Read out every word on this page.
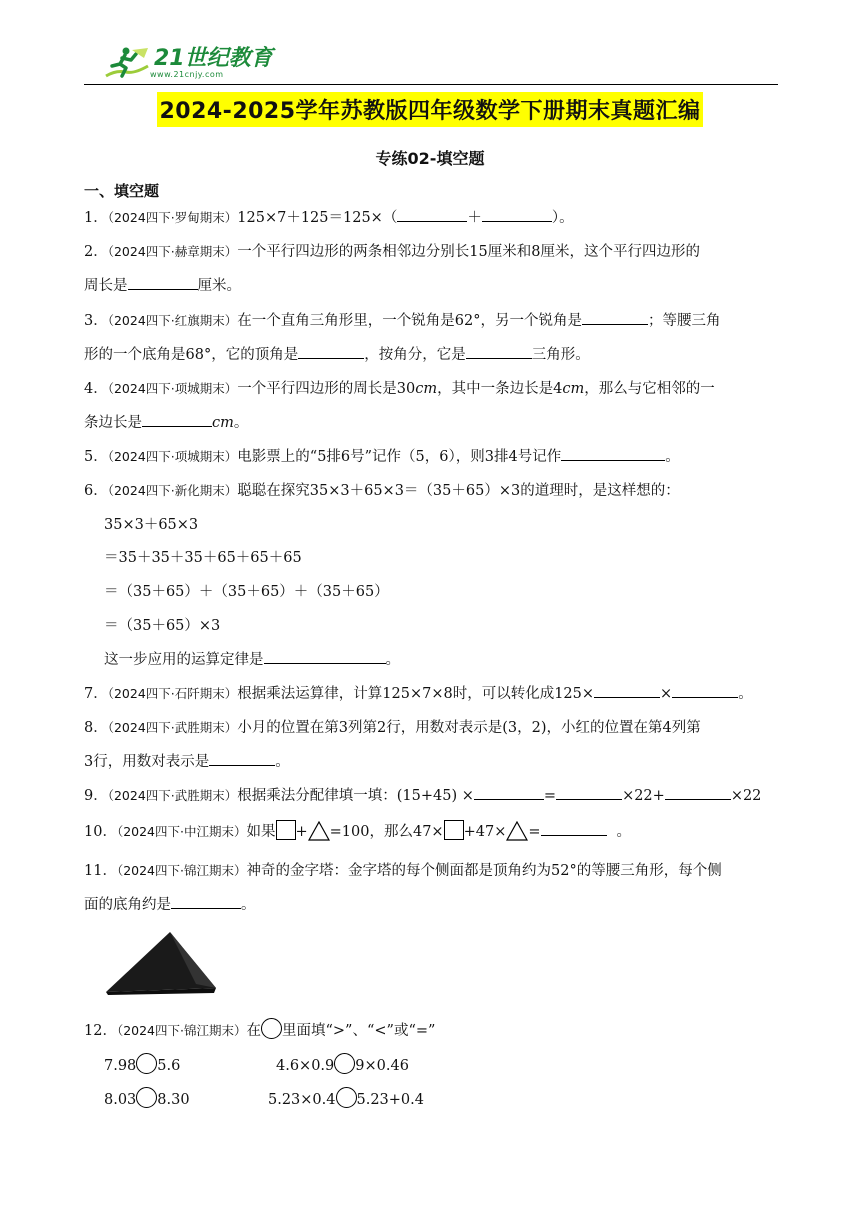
21世纪教育
www.21cnjy.com
2024-2025学年苏教版四年级数学下册期末真题汇编
专练02-填空题
一、填空题
1．（2024四下·罗甸期末）125×7＋125＝125×（	＋	）。
2．（2024四下·赫章期末）一个平行四边形的两条相邻边分别长15厘米和8厘米，这个平行四边形的
周长是	厘米。
3．（2024四下·红旗期末）在一个直角三角形里，一个锐角是62°，另一个锐角是	；等腰三角
形的一个底角是68°，它的顶角是	，按角分，它是	三角形。
4．（2024四下·项城期末）一个平行四边形的周长是30cm，其中一条边长是4cm，那么与它相邻的一
条边长是	cm。
5．（2024四下·项城期末）电影票上的“5排6号”记作（5，6），则3排4号记作	。
6．（2024四下·新化期末）聪聪在探究35×3＋65×3＝（35＋65）×3的道理时，是这样想的：
35×3＋65×3
＝35＋35＋35＋65＋65＋65
＝（35＋65）＋（35＋65）＋（35＋65）
＝（35＋65）×3
这一步应用的运算定律是	。
7．（2024四下·石阡期末）根据乘法运算律，计算125×7×8时，可以转化成125×	×	。
8．（2024四下·武胜期末）小月的位置在第3列第2行，用数对表示是(3，2)，小红的位置在第4列第
3行，用数对表示是	。
9．（2024四下·武胜期末）根据乘法分配律填一填：(15+45) ×	=	×22+	×22
10．（2024四下·中江期末）如果 + =100，那么47× +47× =	。
11．（2024四下·锦江期末）神奇的金字塔：金字塔的每个侧面都是顶角约为52°的等腰三角形，每个侧
面的底角约是	。
12．（2024四下·锦江期末）在 里面填“>”、“<”或“=”
7.98 5.6	4.6×0.9 9×0.46
8.03 8.30	5.23×0.4 5.23+0.4
